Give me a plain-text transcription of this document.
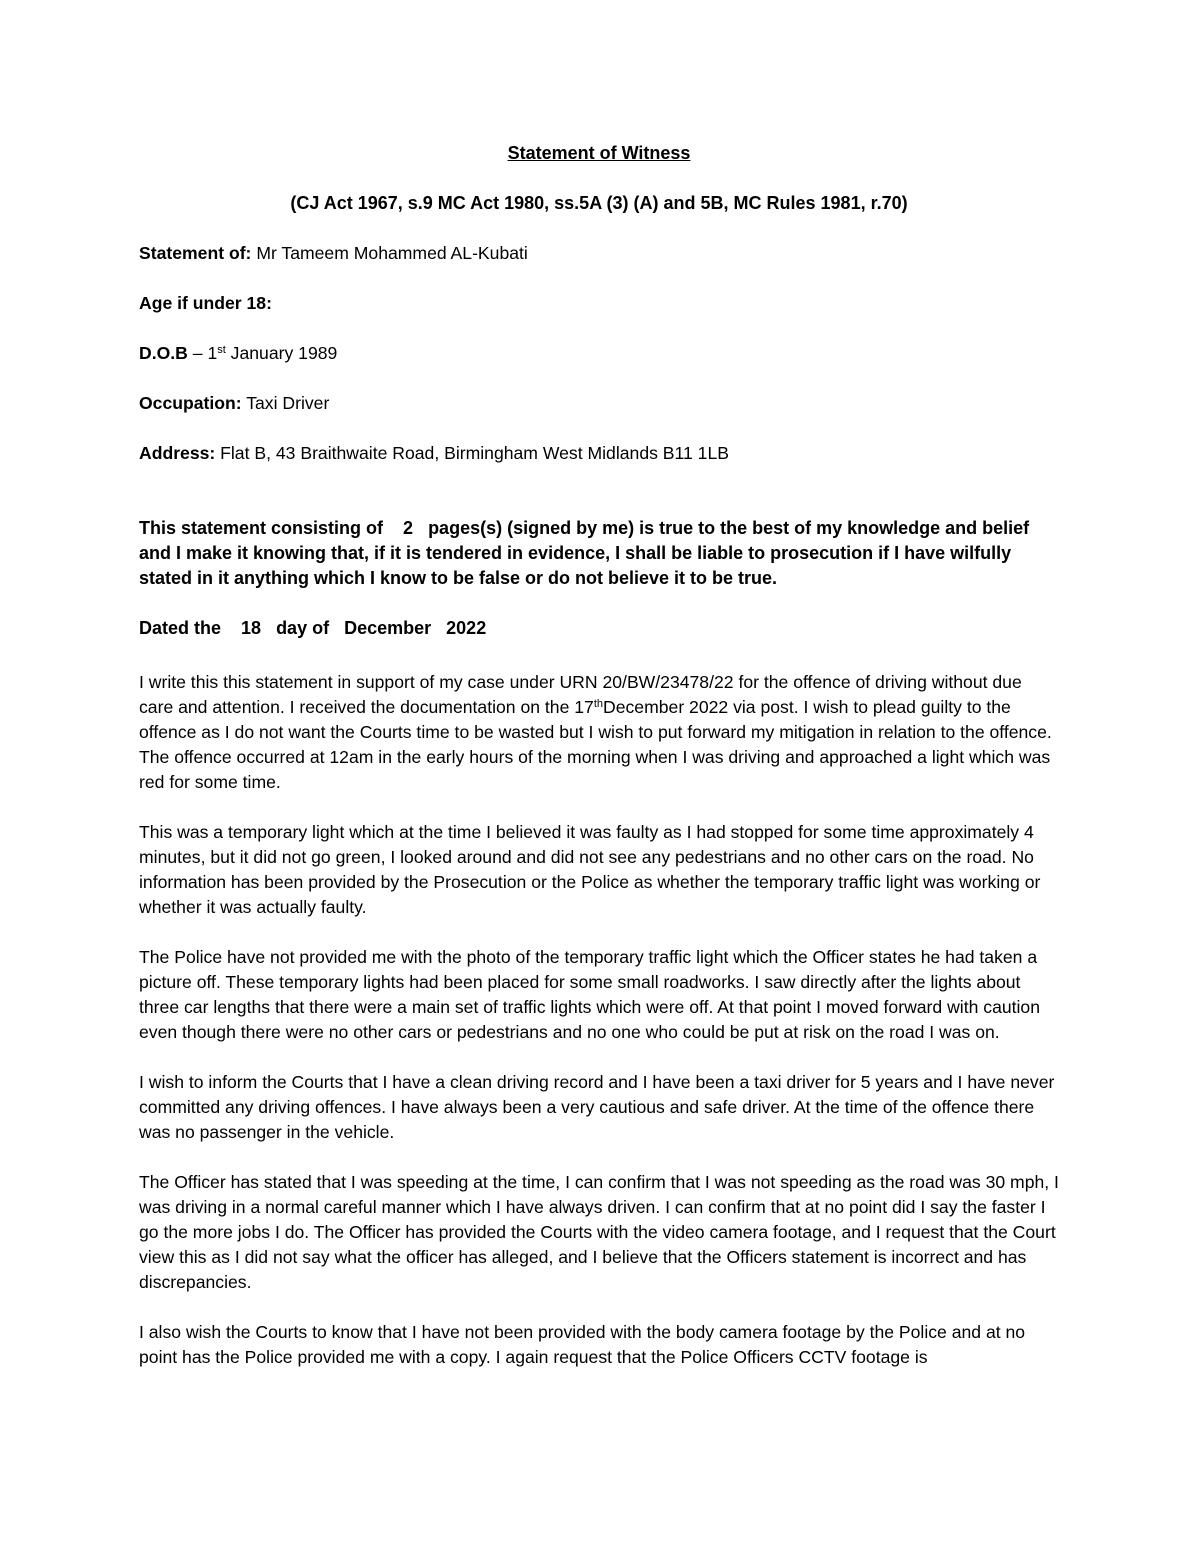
Statement of Witness

(CJ Act 1967, s.9 MC Act 1980, ss.5A (3) (A) and 5B, MC Rules 1981, r.70)

Statement of: Mr Tameem Mohammed AL-Kubati

Age if under 18:

D.O.B – 1st January 1989

Occupation: Taxi Driver

Address: Flat B, 43 Braithwaite Road, Birmingham West Midlands B11 1LB

This statement consisting of 2 pages(s) (signed by me) is true to the best of my knowledge and belief and I make it knowing that, if it is tendered in evidence, I shall be liable to prosecution if I have wilfully stated in it anything which I know to be false or do not believe it to be true.

Dated the 18 day of December 2022

I write this this statement in support of my case under URN 20/BW/23478/22 for the offence of driving without due care and attention. I received the documentation on the 17thDecember 2022 via post. I wish to plead guilty to the offence as I do not want the Courts time to be wasted but I wish to put forward my mitigation in relation to the offence. The offence occurred at 12am in the early hours of the morning when I was driving and approached a light which was red for some time.

This was a temporary light which at the time I believed it was faulty as I had stopped for some time approximately 4 minutes, but it did not go green, I looked around and did not see any pedestrians and no other cars on the road. No information has been provided by the Prosecution or the Police as whether the temporary traffic light was working or whether it was actually faulty.

The Police have not provided me with the photo of the temporary traffic light which the Officer states he had taken a picture off. These temporary lights had been placed for some small roadworks. I saw directly after the lights about three car lengths that there were a main set of traffic lights which were off. At that point I moved forward with caution even though there were no other cars or pedestrians and no one who could be put at risk on the road I was on.

I wish to inform the Courts that I have a clean driving record and I have been a taxi driver for 5 years and I have never committed any driving offences. I have always been a very cautious and safe driver. At the time of the offence there was no passenger in the vehicle.

The Officer has stated that I was speeding at the time, I can confirm that I was not speeding as the road was 30 mph, I was driving in a normal careful manner which I have always driven. I can confirm that at no point did I say the faster I go the more jobs I do. The Officer has provided the Courts with the video camera footage, and I request that the Court view this as I did not say what the officer has alleged, and I believe that the Officers statement is incorrect and has discrepancies.

I also wish the Courts to know that I have not been provided with the body camera footage by the Police and at no point has the Police provided me with a copy. I again request that the Police Officers CCTV footage is
